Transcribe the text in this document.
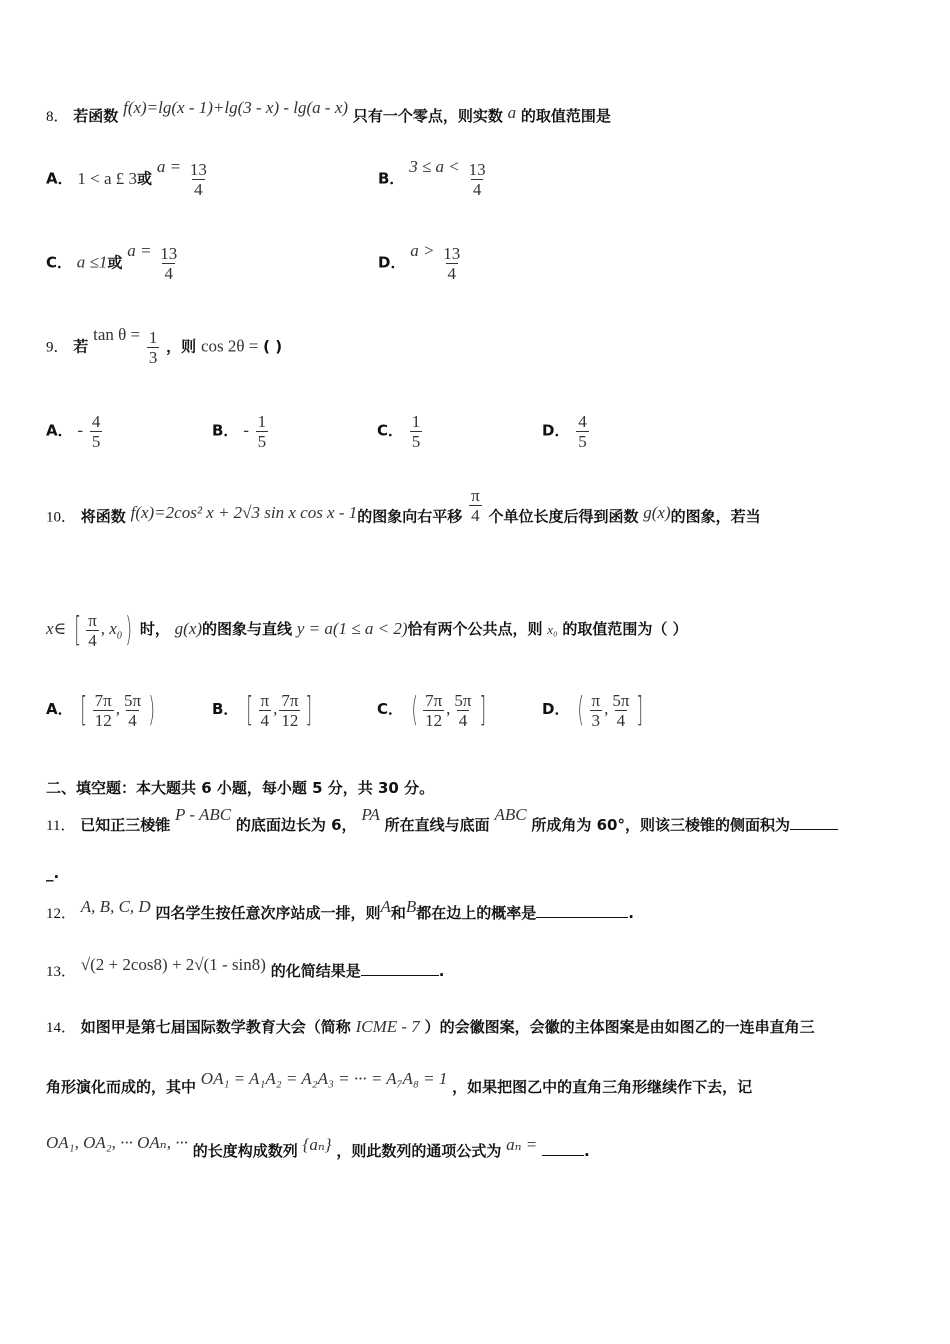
8． 若函数 f(x)=lg(x - 1)+lg(3 - x) - lg(a - x) 只有一个零点，则实数 a 的取值范围是
A． 1 < a £ 3或 $a = \frac{13}{4}$	B． $3 \le a < \frac{13}{4}$
C． a ≤1或 $a = \frac{13}{4}$	D． $a > \frac{13}{4}$
9． 若 $\tan \theta = \frac{1}{3}$ ，则 cos 2θ = ( )
A． - $\frac{4}{5}$	B． - $\frac{1}{5}$	C． $\frac{1}{5}$	D． $\frac{4}{5}$
10． 将函数 f(x)=2cos² x + 2√3 sin x cos x - 1的图象向右平移 $\frac{\pi}{4}$ 个单位长度后得到函数 g(x)的图象，若当
x∈ [ $\frac{\pi}{4}$ , $x_0$) 时， g(x)的图象与直线 y = a(1 ≤ a < 2)恰有两个公共点，则 x₀ 的取值范围为（ ）
A． [ $\frac{7\pi}{12}$ , $\frac{5\pi}{4}$ )	B． [ $\frac{\pi}{4}$ , $\frac{7\pi}{12}$ ]	C． ( $\frac{7\pi}{12}$ , $\frac{5\pi}{4}$ ]	D． ( $\frac{\pi}{3}$ , $\frac{5\pi}{4}$ ]
二、填空题：本大题共 6 小题，每小题 5 分，共 30 分。
11． 已知正三棱锥 P - ABC 的底面边长为 6， PA 所在直线与底面 ABC 所成角为 60°，则该三棱锥的侧面积为
_.
12． A, B, C, D 四名学生按任意次序站成一排，则A和B都在边上的概率是	.
13． √(2 + 2cos8) + 2√(1 - sin8) 的化简结果是	.
14． 如图甲是第七届国际数学教育大会（简称 ICME - 7 ）的会徽图案，会徽的主体图案是由如图乙的一连串直角三
角形演化而成的，其中 OA₁ = A₁A₂ = A₂A₃ = ··· = A₇A₈ = 1 ，如果把图乙中的直角三角形继续作下去，记
OA₁, OA₂, ··· OAₙ, ··· 的长度构成数列 {aₙ} ，则此数列的通项公式为 aₙ =	.
